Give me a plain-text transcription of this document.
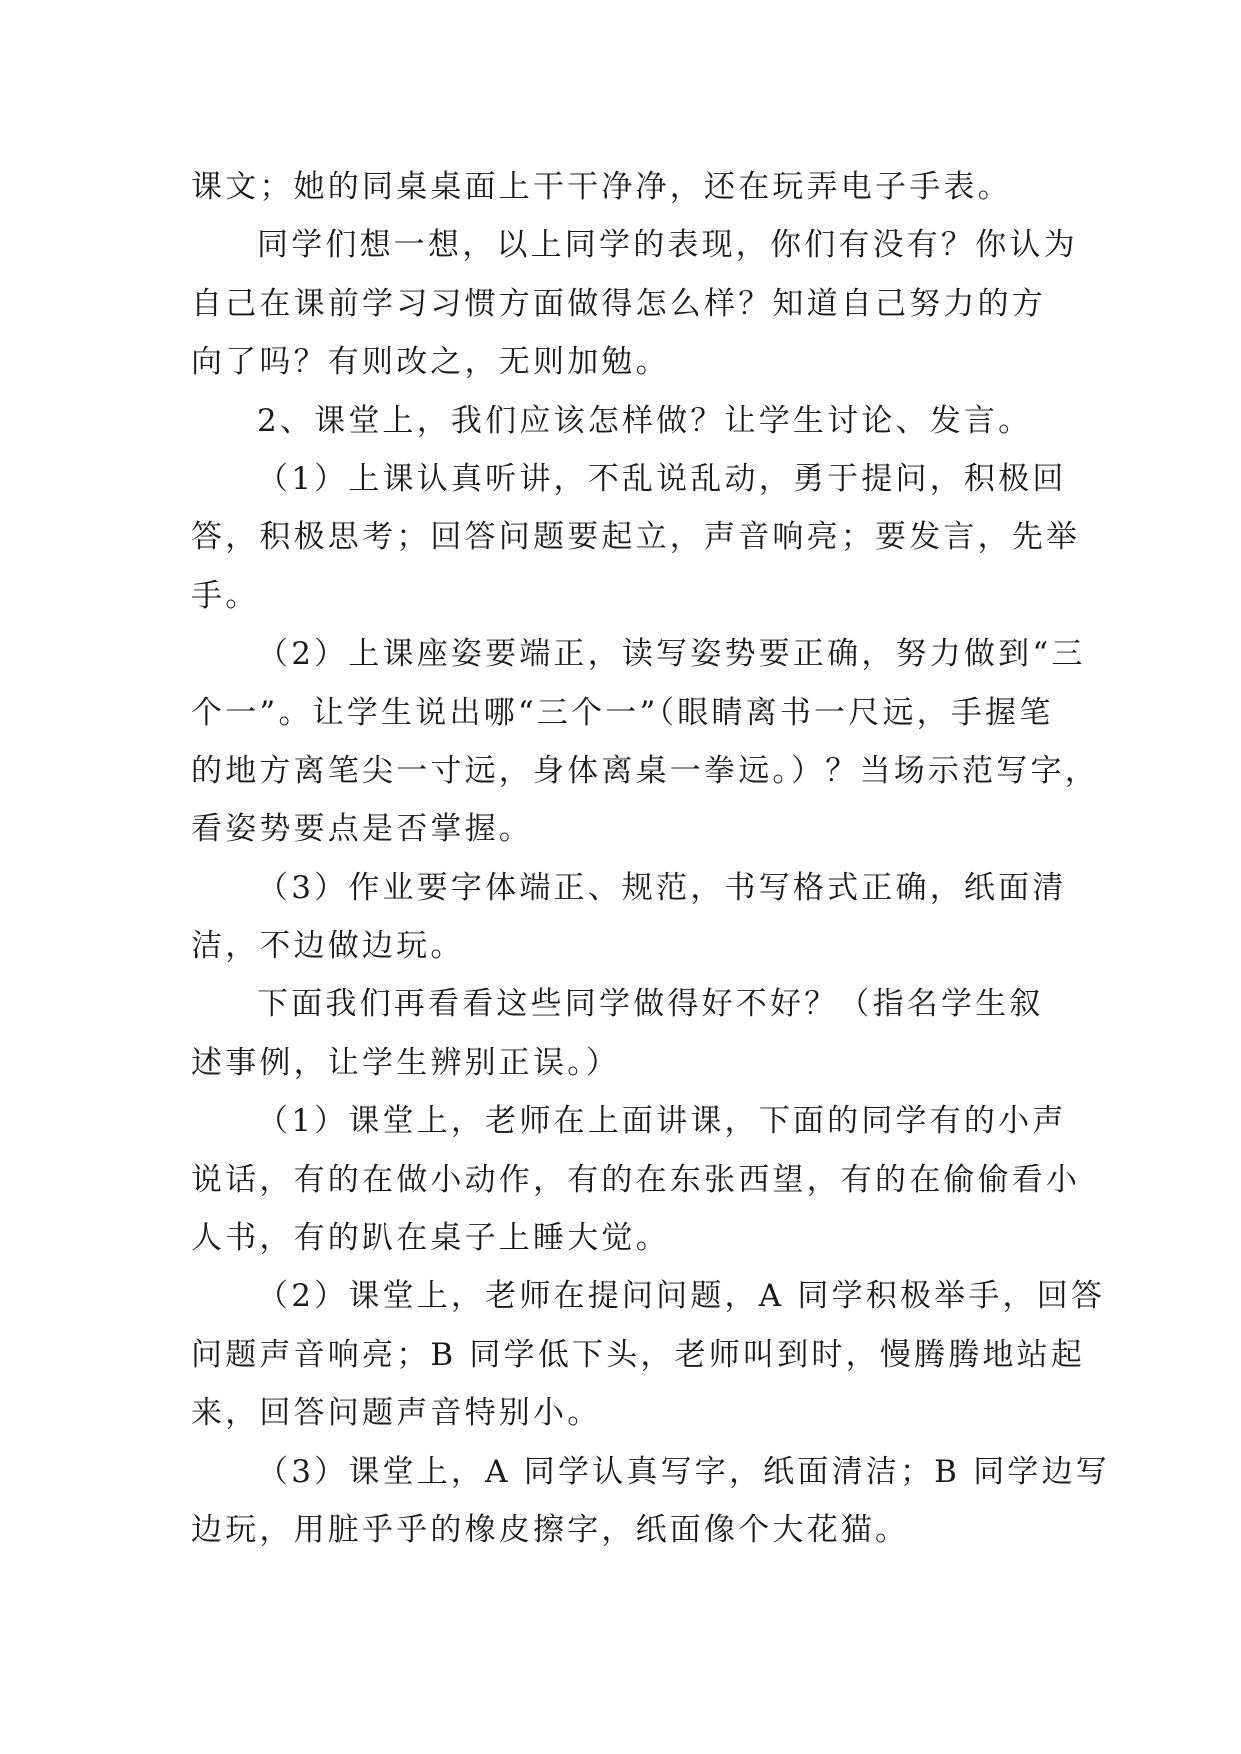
课文；她的同桌桌面上干干净净，还在玩弄电子手表。
同学们想一想，以上同学的表现，你们有没有？你认为
自己在课前学习习惯方面做得怎么样？知道自己努力的方
向了吗？有则改之，无则加勉。
2、课堂上，我们应该怎样做？让学生讨论、发言。
（1）上课认真听讲，不乱说乱动，勇于提问，积极回
答，积极思考；回答问题要起立，声音响亮；要发言，先举
手。
（2）上课座姿要端正，读写姿势要正确，努力做到“三
个一”。让学生说出哪“三个一”（眼睛离书一尺远，手握笔
的地方离笔尖一寸远，身体离桌一拳远。）？当场示范写字，
看姿势要点是否掌握。
（3）作业要字体端正、规范，书写格式正确，纸面清
洁，不边做边玩。
下面我们再看看这些同学做得好不好？（指名学生叙
述事例，让学生辨别正误。）
（1）课堂上，老师在上面讲课，下面的同学有的小声
说话，有的在做小动作，有的在东张西望，有的在偷偷看小
人书，有的趴在桌子上睡大觉。
（2）课堂上，老师在提问问题，A 同学积极举手，回答
问题声音响亮；B 同学低下头，老师叫到时，慢腾腾地站起
来，回答问题声音特别小。
（3）课堂上，A 同学认真写字，纸面清洁；B 同学边写
边玩，用脏乎乎的橡皮擦字，纸面像个大花猫。
